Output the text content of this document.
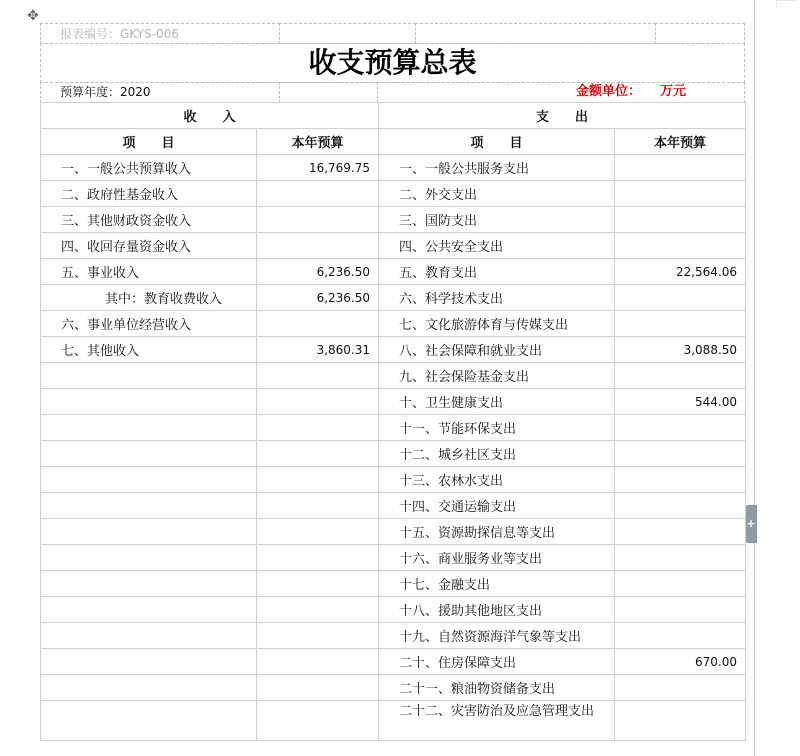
✥
+
报表编号：GKYS-006
收支预算总表
预算年度：2020	金额单位： 万元
收　　入		支　　出	
项　　目	本年预算	项　　目	本年预算
一、一般公共预算收入	16,769.75	一、一般公共服务支出	
二、政府性基金收入		二、外交支出	
三、其他财政资金收入		三、国防支出	
四、收回存量资金收入		四、公共安全支出	
五、事业收入	6,236.50	五、教育支出	22,564.06
其中：教育收费收入	6,236.50	六、科学技术支出	
六、事业单位经营收入		七、文化旅游体育与传媒支出	
七、其他收入	3,860.31	八、社会保障和就业支出	3,088.50
		九、社会保险基金支出	
		十、卫生健康支出	544.00
		十一、节能环保支出	
		十二、城乡社区支出	
		十三、农林水支出	
		十四、交通运输支出	
		十五、资源勘探信息等支出	
		十六、商业服务业等支出	
		十七、金融支出	
		十八、援助其他地区支出	
		十九、自然资源海洋气象等支出	
		二十、住房保障支出	670.00
		二十一、粮油物资储备支出	
		二十二、灾害防治及应急管理支出	
